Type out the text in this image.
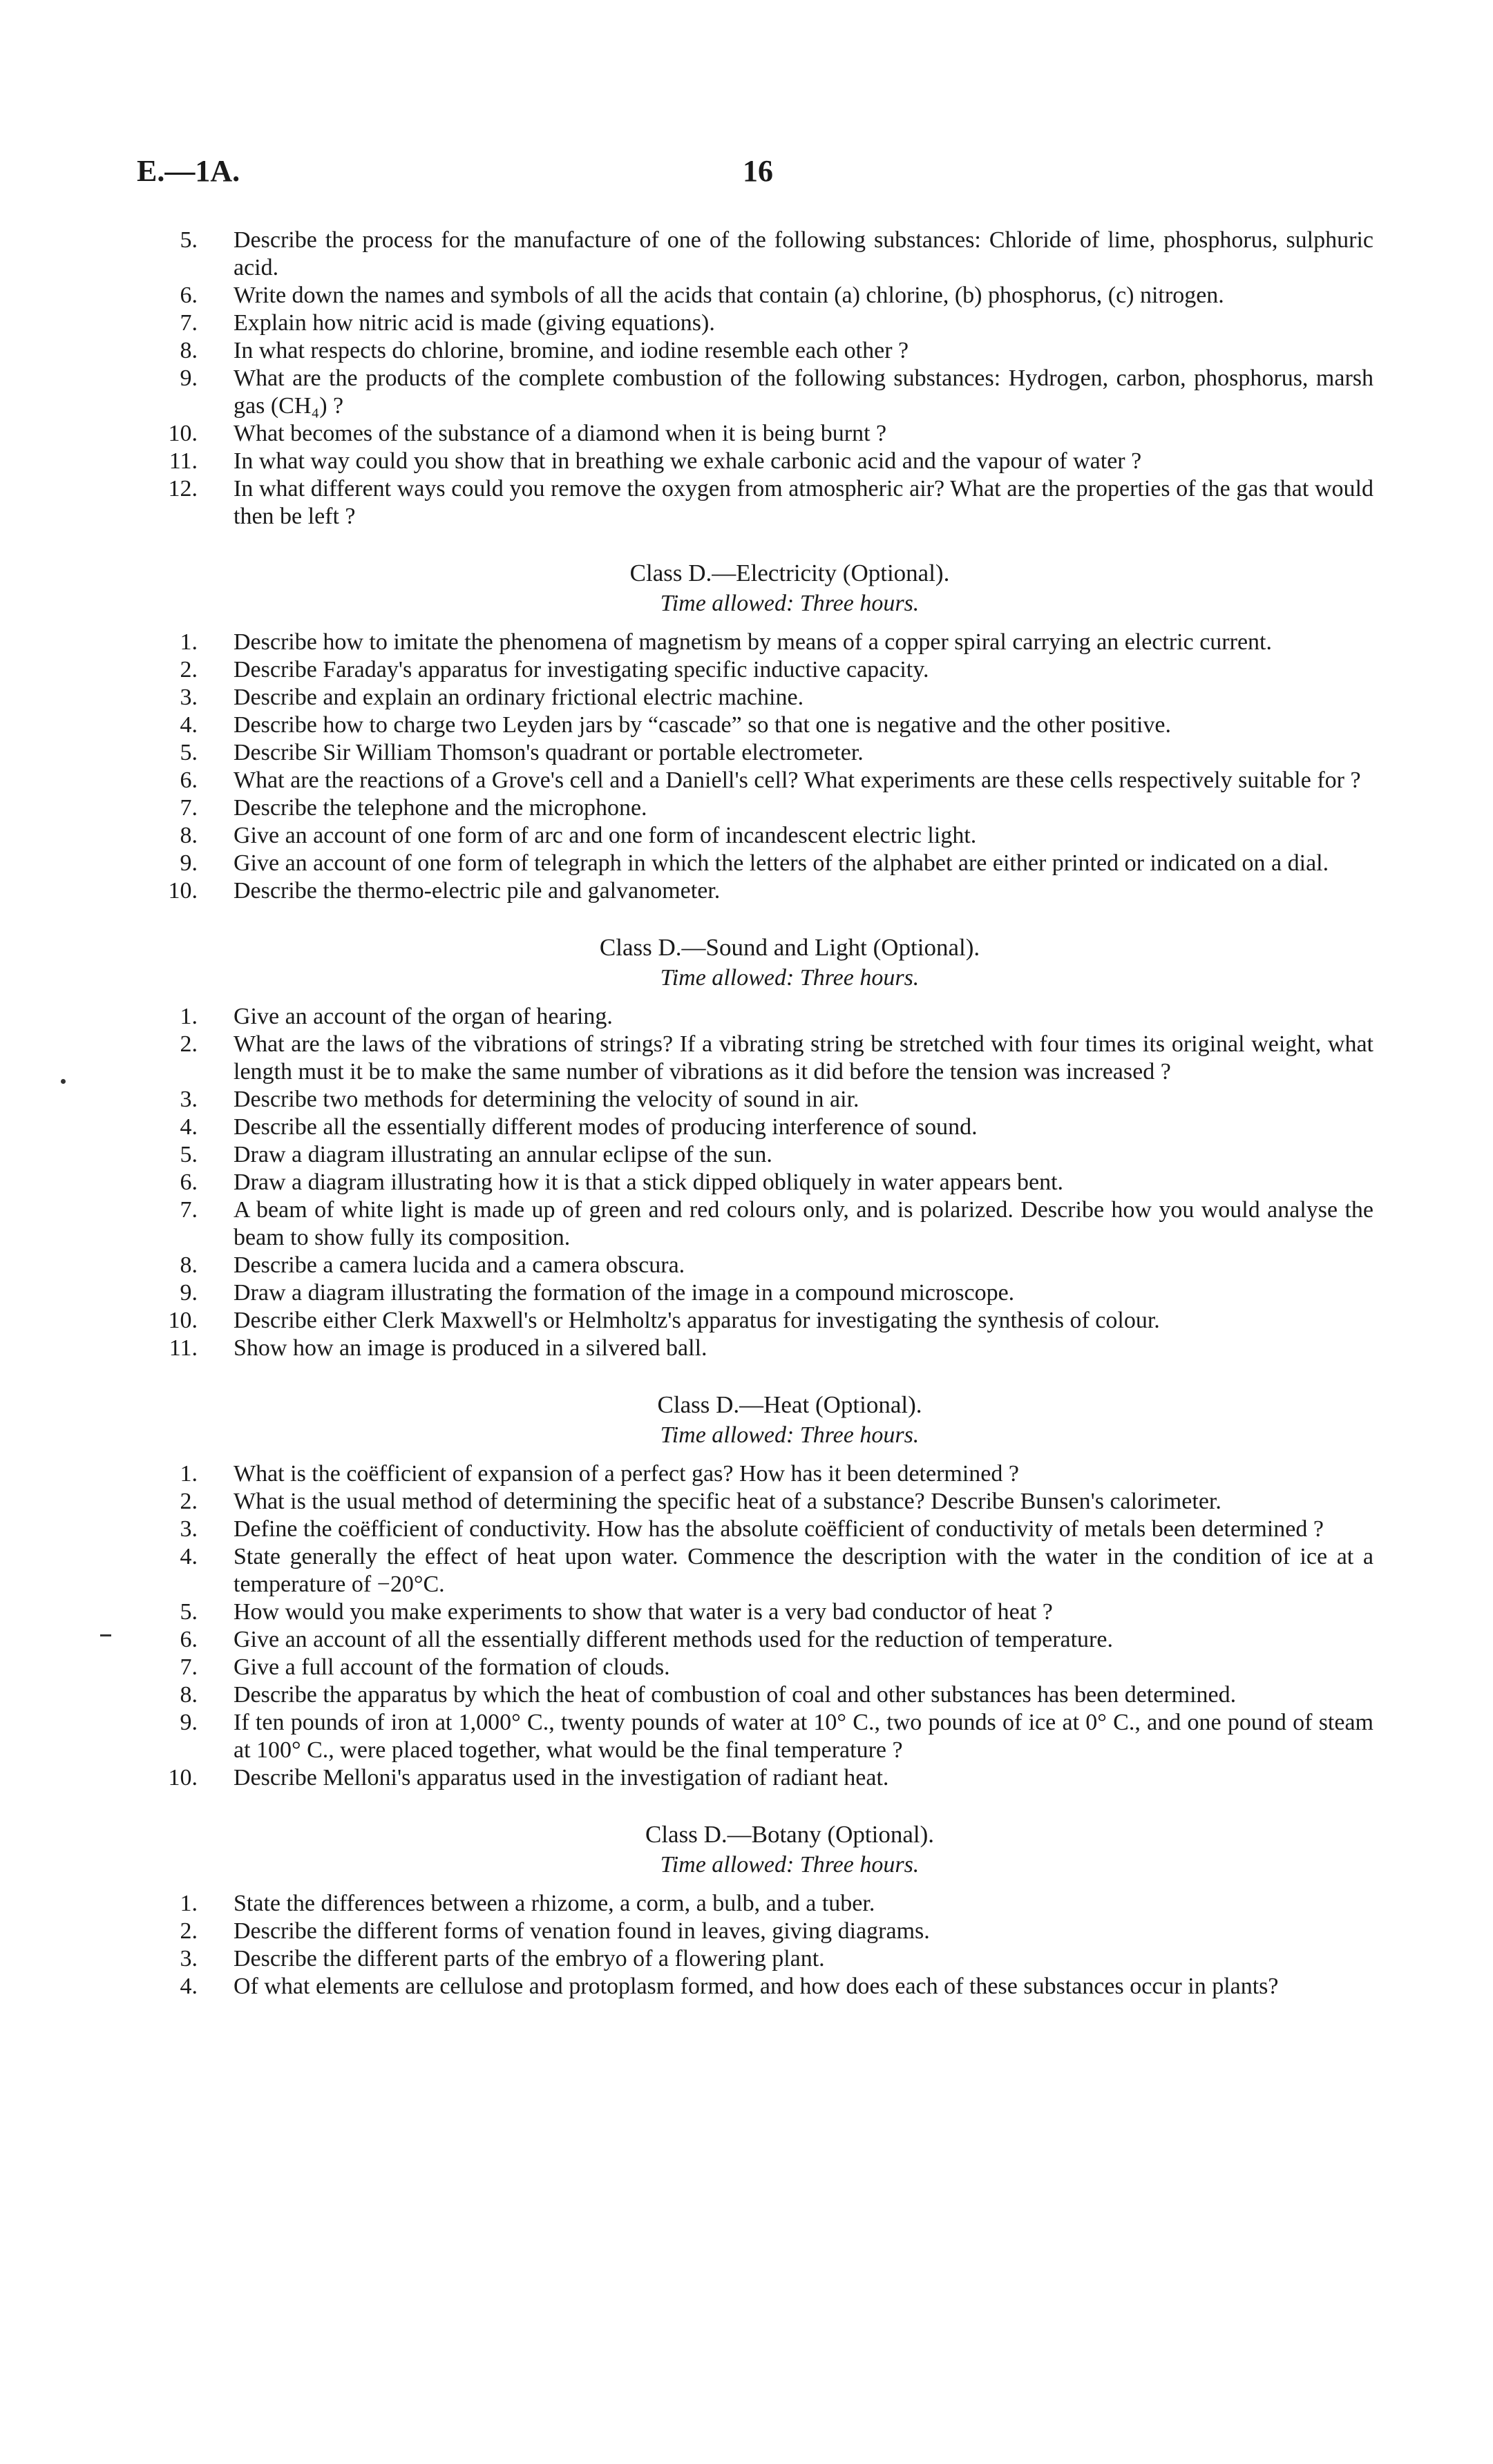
E.—1A.	16
5. Describe the process for the manufacture of one of the following substances: Chloride of lime, phosphorus, sulphuric acid.
6. Write down the names and symbols of all the acids that contain (a) chlorine, (b) phosphorus, (c) nitrogen.
7. Explain how nitric acid is made (giving equations).
8. In what respects do chlorine, bromine, and iodine resemble each other ?
9. What are the products of the complete combustion of the following substances: Hydrogen, carbon, phosphorus, marsh gas (CH₄) ?
10. What becomes of the substance of a diamond when it is being burnt ?
11. In what way could you show that in breathing we exhale carbonic acid and the vapour of water ?
12. In what different ways could you remove the oxygen from atmospheric air? What are the properties of the gas that would then be left ?
Class D.—Electricity (Optional).
Time allowed: Three hours.
1. Describe how to imitate the phenomena of magnetism by means of a copper spiral carrying an electric current.
2. Describe Faraday's apparatus for investigating specific inductive capacity.
3. Describe and explain an ordinary frictional electric machine.
4. Describe how to charge two Leyden jars by “cascade” so that one is negative and the other positive.
5. Describe Sir William Thomson's quadrant or portable electrometer.
6. What are the reactions of a Grove's cell and a Daniell's cell? What experiments are these cells respectively suitable for ?
7. Describe the telephone and the microphone.
8. Give an account of one form of arc and one form of incandescent electric light.
9. Give an account of one form of telegraph in which the letters of the alphabet are either printed or indicated on a dial.
10. Describe the thermo-electric pile and galvanometer.
Class D.—Sound and Light (Optional).
Time allowed: Three hours.
1. Give an account of the organ of hearing.
2. What are the laws of the vibrations of strings? If a vibrating string be stretched with four times its original weight, what length must it be to make the same number of vibrations as it did before the tension was increased ?
3. Describe two methods for determining the velocity of sound in air.
4. Describe all the essentially different modes of producing interference of sound.
5. Draw a diagram illustrating an annular eclipse of the sun.
6. Draw a diagram illustrating how it is that a stick dipped obliquely in water appears bent.
7. A beam of white light is made up of green and red colours only, and is polarized. Describe how you would analyse the beam to show fully its composition.
8. Describe a camera lucida and a camera obscura.
9. Draw a diagram illustrating the formation of the image in a compound microscope.
10. Describe either Clerk Maxwell's or Helmholtz's apparatus for investigating the synthesis of colour.
11. Show how an image is produced in a silvered ball.
Class D.—Heat (Optional).
Time allowed: Three hours.
1. What is the coëfficient of expansion of a perfect gas? How has it been determined ?
2. What is the usual method of determining the specific heat of a substance? Describe Bunsen's calorimeter.
3. Define the coëfficient of conductivity. How has the absolute coëfficient of conductivity of metals been determined ?
4. State generally the effect of heat upon water. Commence the description with the water in the condition of ice at a temperature of −20°C.
5. How would you make experiments to show that water is a very bad conductor of heat ?
6. Give an account of all the essentially different methods used for the reduction of temperature.
7. Give a full account of the formation of clouds.
8. Describe the apparatus by which the heat of combustion of coal and other substances has been determined.
9. If ten pounds of iron at 1,000° C., twenty pounds of water at 10° C., two pounds of ice at 0° C., and one pound of steam at 100° C., were placed together, what would be the final temperature ?
10. Describe Melloni's apparatus used in the investigation of radiant heat.
Class D.—Botany (Optional).
Time allowed: Three hours.
1. State the differences between a rhizome, a corm, a bulb, and a tuber.
2. Describe the different forms of venation found in leaves, giving diagrams.
3. Describe the different parts of the embryo of a flowering plant.
4. Of what elements are cellulose and protoplasm formed, and how does each of these substances occur in plants?
